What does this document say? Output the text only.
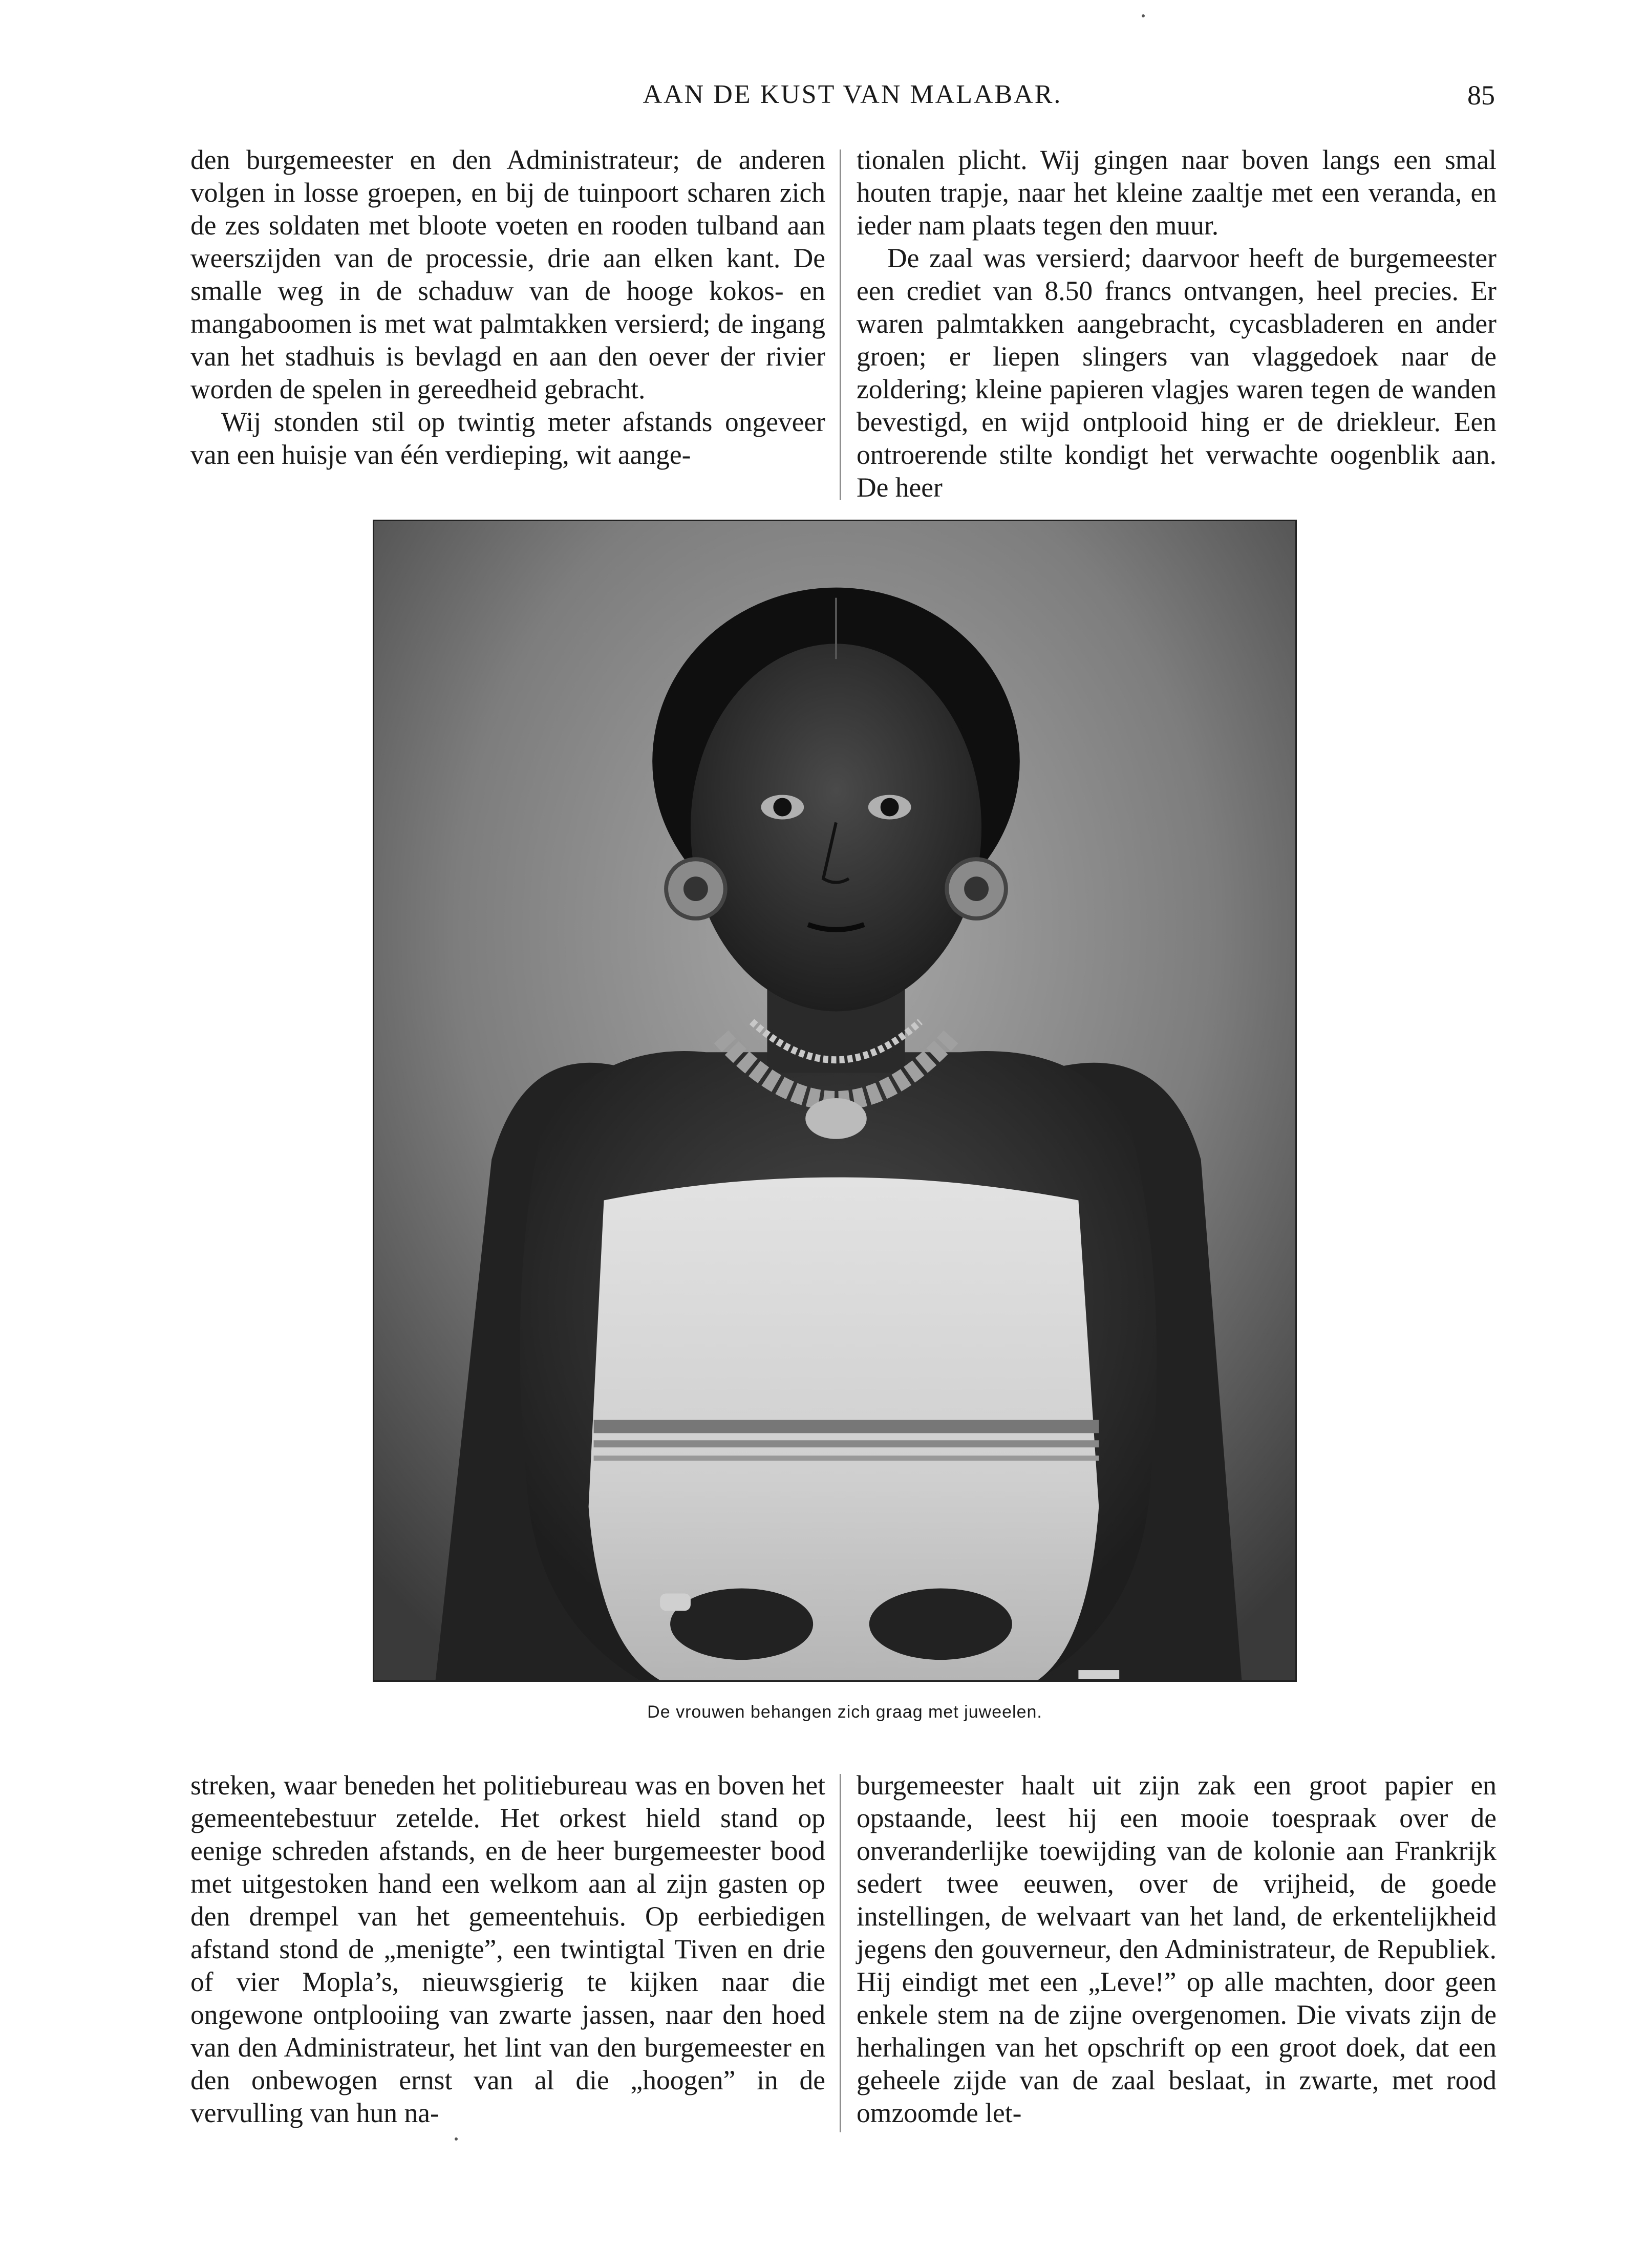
AAN DE KUST VAN MALABAR.	85

den burgemeester en den Administrateur; de anderen volgen in losse groepen, en bij de tuinpoort scharen zich de zes soldaten met bloote voeten en rooden tulband aan weerszijden van de processie, drie aan elken kant. De smalle weg in de schaduw van de hooge kokos- en mangaboomen is met wat palmtakken versierd; de ingang van het stadhuis is bevlagd en aan den oever der rivier worden de spelen in gereedheid gebracht.

Wij stonden stil op twintig meter afstands ongeveer van een huisje van één verdieping, wit aange-

tionalen plicht. Wij gingen naar boven langs een smal houten trapje, naar het kleine zaaltje met een veranda, en ieder nam plaats tegen den muur.

De zaal was versierd; daarvoor heeft de burgemeester een crediet van 8.50 francs ontvangen, heel precies. Er waren palmtakken aangebracht, cycasbladeren en ander groen; er liepen slingers van vlaggedoek naar de zoldering; kleine papieren vlagjes waren tegen de wanden bevestigd, en wijd ontplooid hing er de driekleur. Een ontroerende stilte kondigt het verwachte oogenblik aan. De heer

De vrouwen behangen zich graag met juweelen.

streken, waar beneden het politiebureau was en boven het gemeentebestuur zetelde. Het orkest hield stand op eenige schreden afstands, en de heer burgemeester bood met uitgestoken hand een welkom aan al zijn gasten op den drempel van het gemeentehuis. Op eerbiedigen afstand stond de „menigte”, een twintigtal Tiven en drie of vier Mopla’s, nieuwsgierig te kijken naar die ongewone ontplooiing van zwarte jassen, naar den hoed van den Administrateur, het lint van den burgemeester en den onbewogen ernst van al die „hoogen” in de vervulling van hun na-

burgemeester haalt uit zijn zak een groot papier en opstaande, leest hij een mooie toespraak over de onveranderlijke toewijding van de kolonie aan Frankrijk sedert twee eeuwen, over de vrijheid, de goede instellingen, de welvaart van het land, de erkentelijkheid jegens den gouverneur, den Administrateur, de Republiek. Hij eindigt met een „Leve!” op alle machten, door geen enkele stem na de zijne overgenomen. Die vivats zijn de herhalingen van het opschrift op een groot doek, dat een geheele zijde van de zaal beslaat, in zwarte, met rood omzoomde let-
